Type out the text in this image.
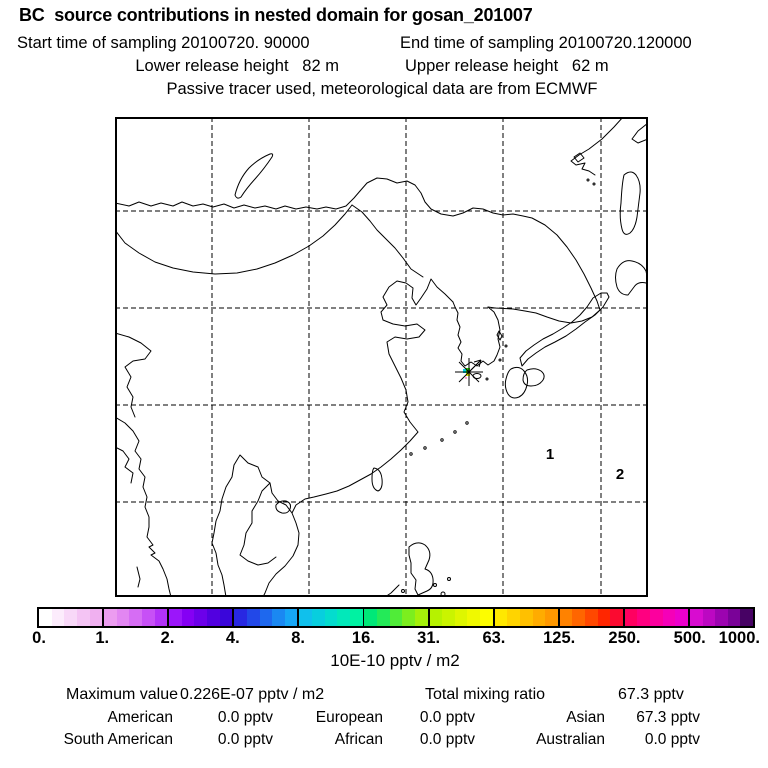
BC  source contributions in nested domain for gosan_201007
Start time of sampling 20100720. 90000	End time of sampling 20100720.120000
Lower release height   82 m	Upper release height   62 m
Passive tracer used, meteorological data are from ECMWF
1
2
0.	1.	2.	4.	8.	16.	31.	63. 125. 250. 500. 1000.
10E-10 pptv / m2
Maximum value 0.226E-07 pptv / m2	Total mixing ratio	67.3 pptv
American	0.0 pptv	European	0.0 pptv	Asian	67.3 pptv
South American	0.0 pptv	African	0.0 pptv	Australian	0.0 pptv
